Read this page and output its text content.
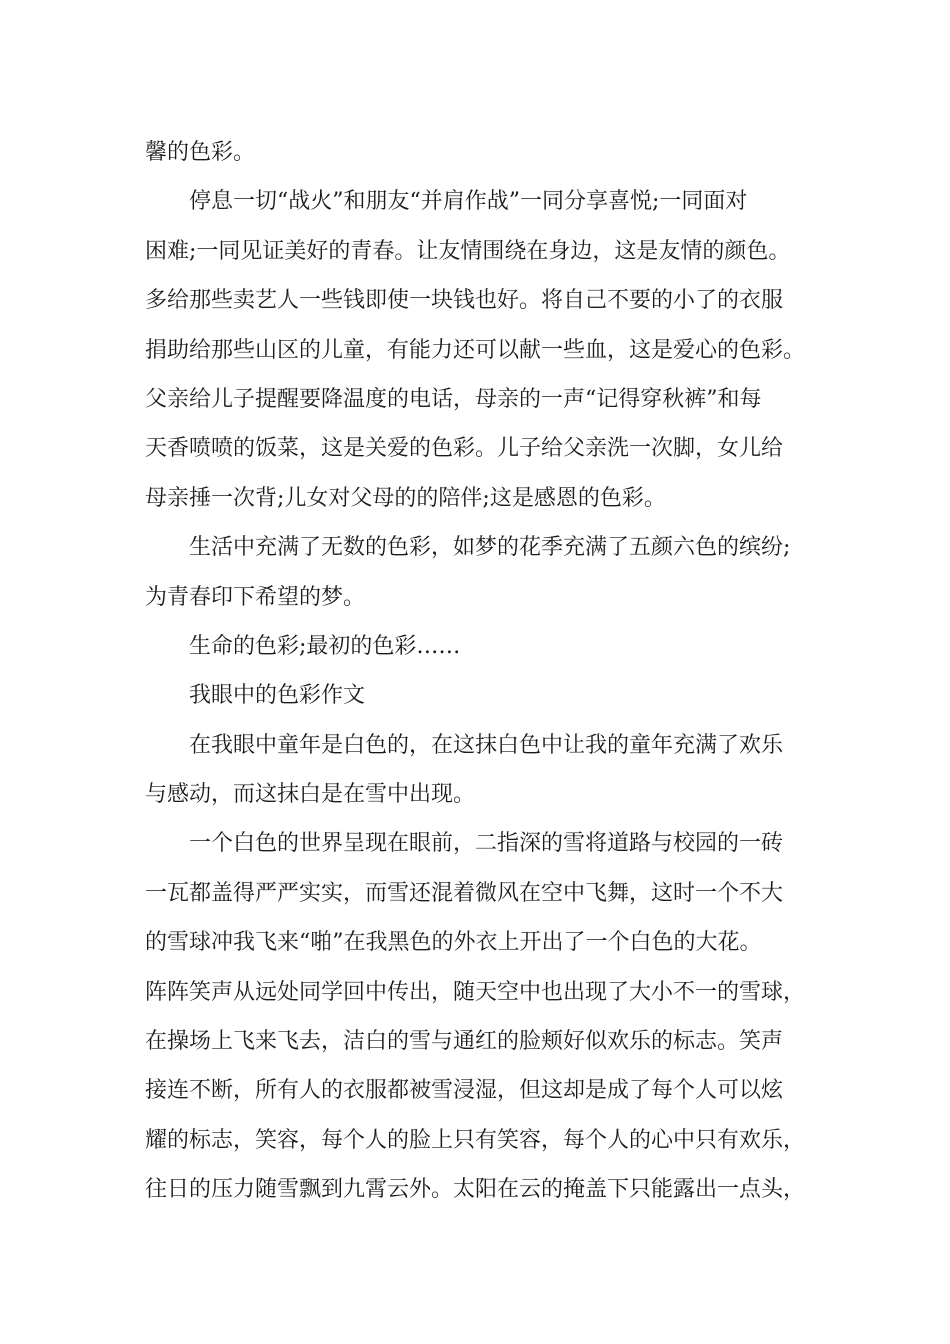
馨的色彩。
停息一切“战火”和朋友“并肩作战”一同分享喜悦;一同面对
困难;一同见证美好的青春。让友情围绕在身边，这是友情的颜色。
多给那些卖艺人一些钱即使一块钱也好。将自己不要的小了的衣服
捐助给那些山区的儿童，有能力还可以献一些血，这是爱心的色彩。
父亲给儿子提醒要降温度的电话，母亲的一声“记得穿秋裤”和每
天香喷喷的饭菜，这是关爱的色彩。儿子给父亲洗一次脚，女儿给
母亲捶一次背;儿女对父母的的陪伴;这是感恩的色彩。
生活中充满了无数的色彩，如梦的花季充满了五颜六色的缤纷;
为青春印下希望的梦。
生命的色彩;最初的色彩……
我眼中的色彩作文
在我眼中童年是白色的，在这抹白色中让我的童年充满了欢乐
与感动，而这抹白是在雪中出现。
一个白色的世界呈现在眼前，二指深的雪将道路与校园的一砖
一瓦都盖得严严实实，而雪还混着微风在空中飞舞，这时一个不大
的雪球冲我飞来“啪”在我黑色的外衣上开出了一个白色的大花。
阵阵笑声从远处同学回中传出，随天空中也出现了大小不一的雪球，
在操场上飞来飞去，洁白的雪与通红的脸颊好似欢乐的标志。笑声
接连不断，所有人的衣服都被雪浸湿，但这却是成了每个人可以炫
耀的标志，笑容，每个人的脸上只有笑容，每个人的心中只有欢乐，
往日的压力随雪飘到九霄云外。太阳在云的掩盖下只能露出一点头，
